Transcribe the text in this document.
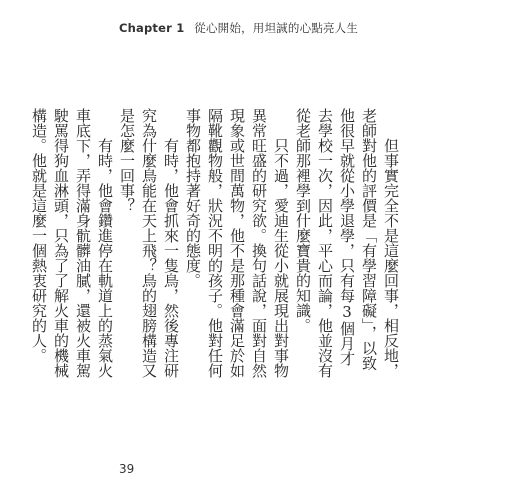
Chapter 1 從心開始，用坦誠的心點亮人生

但事實完全不是這麼回事，相反地，老師對他的評價是「有學習障礙」，以致他很早就從小學退學，只有每3個月才去學校一次，因此，平心而論，他並沒有從老師那裡學到什麼寶貴的知識。

只不過，愛迪生從小就展現出對事物異常旺盛的研究欲。換句話說，面對自然現象或世間萬物，他不是那種會滿足於如隔靴觀物般，狀況不明的孩子。他對任何事物都抱持著好奇的態度。

有時，他會抓來一隻鳥，然後專注研究為什麼鳥能在天上飛？鳥的翅膀構造又是怎麼一回事？

有時，他會鑽進停在軌道上的蒸氣火車底下，弄得滿身骯髒油膩，還被火車駕駛罵得狗血淋頭，只為了了解火車的機械構造。他就是這麼一個熱衷研究的人。

39
